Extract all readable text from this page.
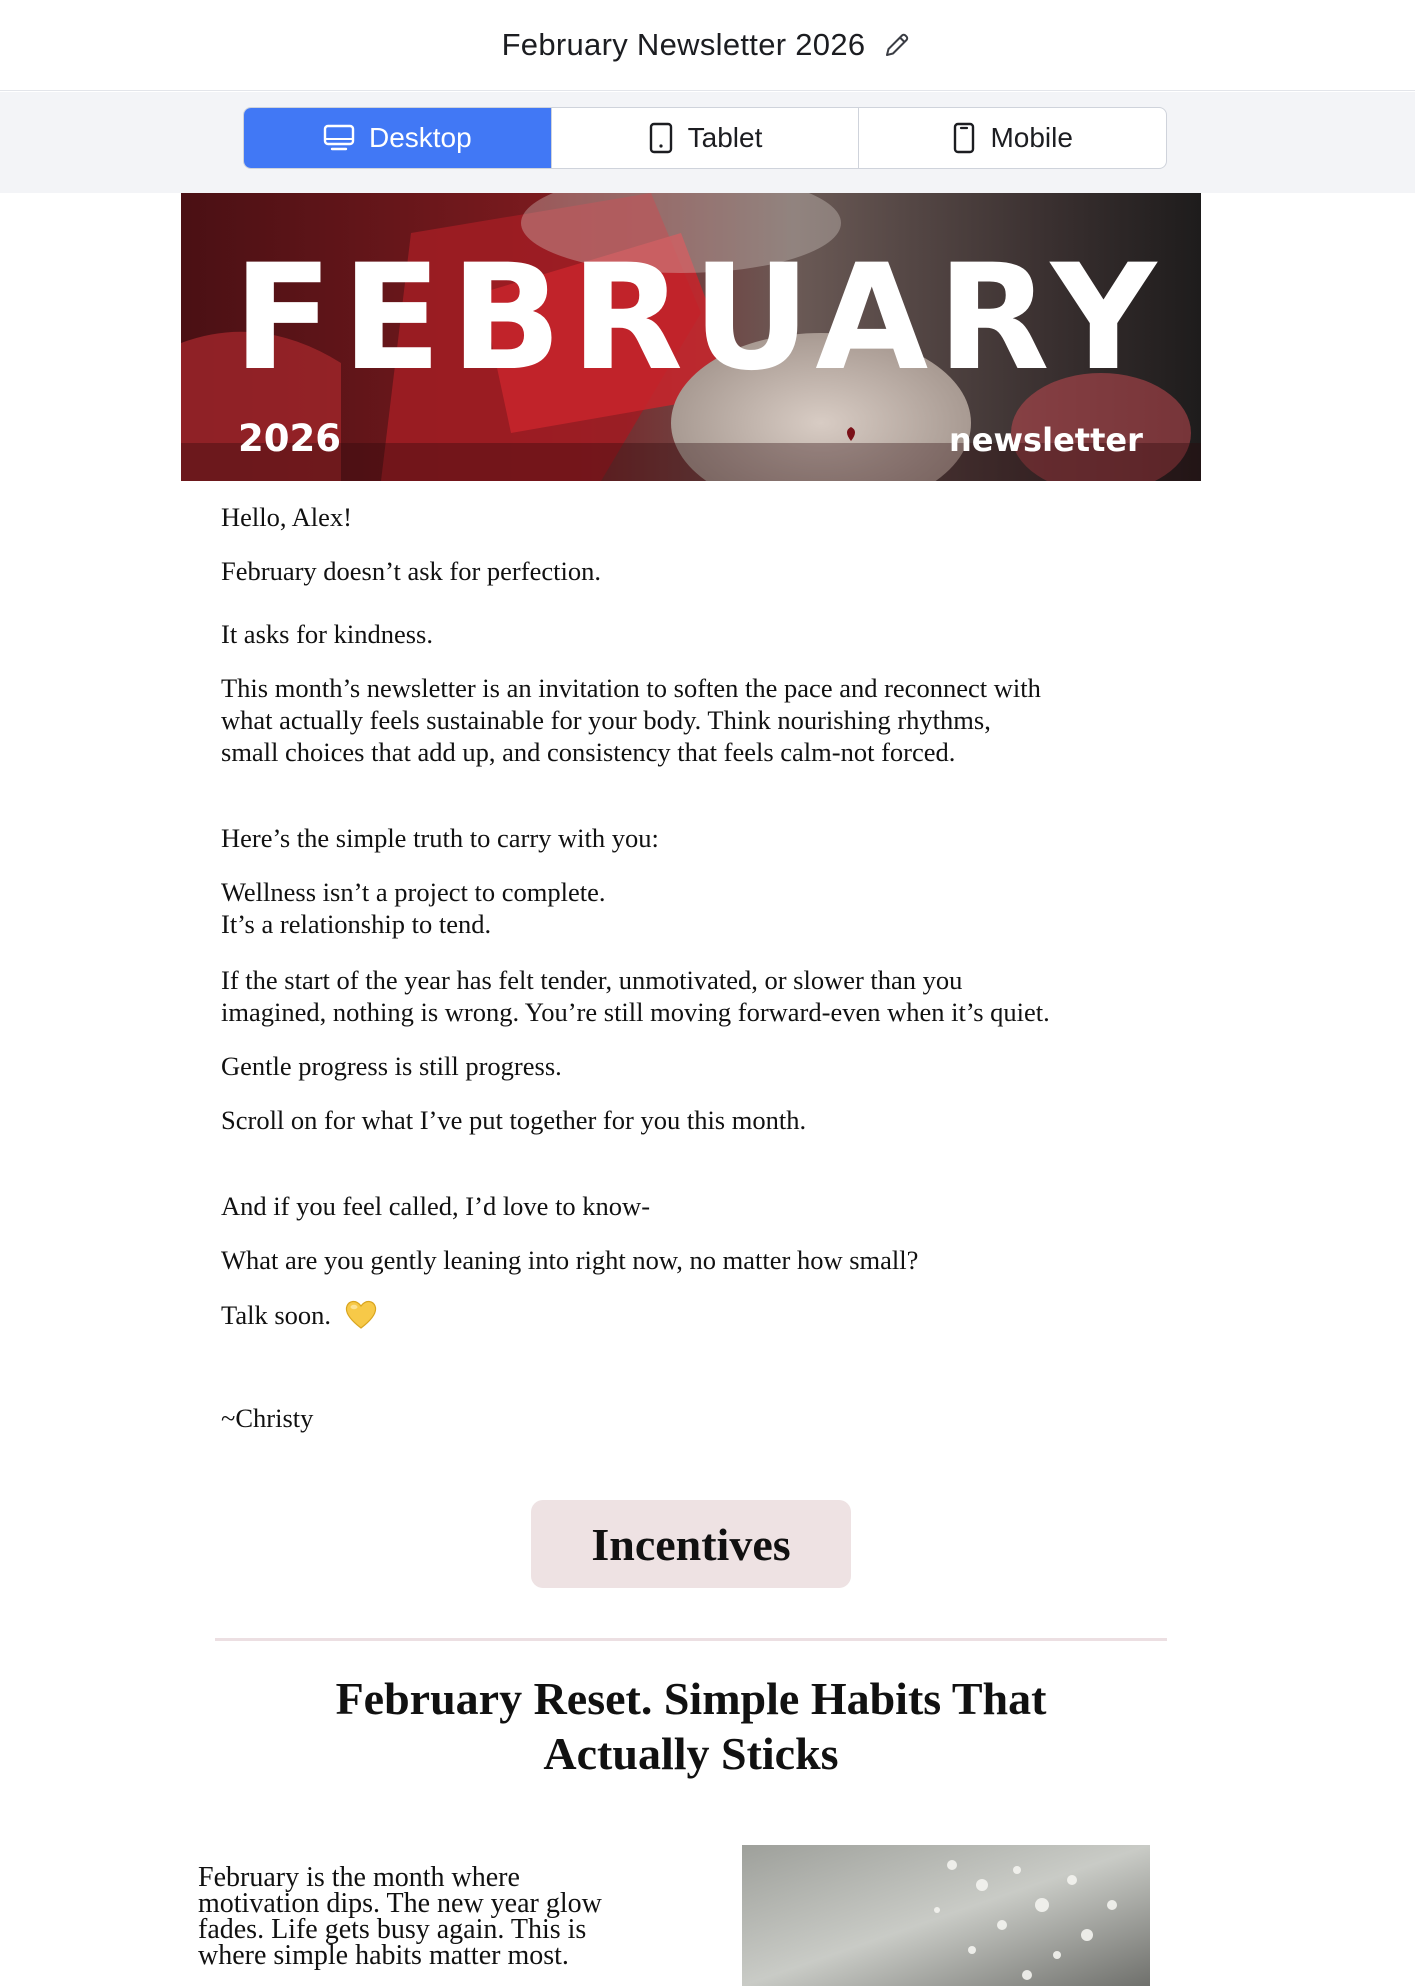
February Newsletter 2026
Desktop	Tablet	Mobile
FEBRUARY
2026	newsletter
Hello, Alex!
February doesn’t ask for perfection.
It asks for kindness.
This month’s newsletter is an invitation to soften the pace and reconnect with
what actually feels sustainable for your body. Think nourishing rhythms,
small choices that add up, and consistency that feels calm-not forced.
Here’s the simple truth to carry with you:
Wellness isn’t a project to complete.
It’s a relationship to tend.
If the start of the year has felt tender, unmotivated, or slower than you
imagined, nothing is wrong. You’re still moving forward-even when it’s quiet.
Gentle progress is still progress.
Scroll on for what I’ve put together for you this month.
And if you feel called, I’d love to know-
What are you gently leaning into right now, no matter how small?
Talk soon.
~Christy
Incentives
February Reset. Simple Habits That
Actually Sticks
February is the month where
motivation dips. The new year glow
fades. Life gets busy again. This is
where simple habits matter most.
